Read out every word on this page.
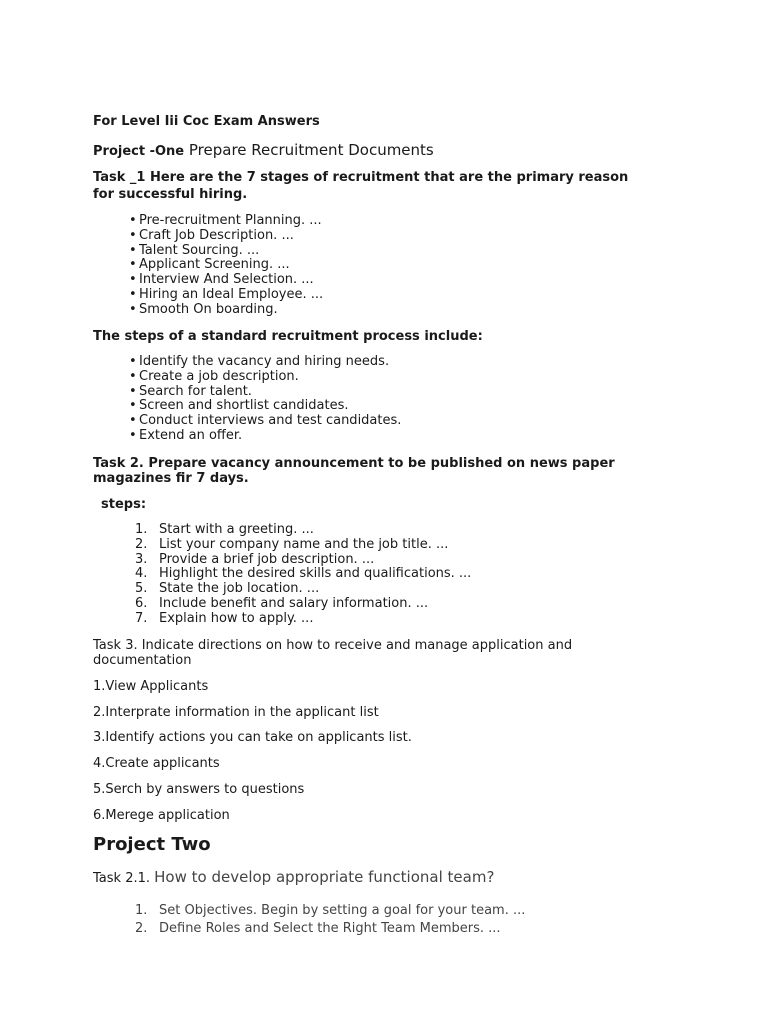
For Level Iii Coc Exam Answers

Project -One Prepare Recruitment Documents

Task _1 Here are the 7 stages of recruitment that are the primary reason

for successful hiring.

• Pre-recruitment Planning. ...
• Craft Job Description. ...
• Talent Sourcing. ...
• Applicant Screening. ...
• Interview And Selection. ...
• Hiring an Ideal Employee. ...
• Smooth On boarding.

The steps of a standard recruitment process include:

• Identify the vacancy and hiring needs.
• Create a job description.
• Search for talent.
• Screen and shortlist candidates.
• Conduct interviews and test candidates.
• Extend an offer.

Task 2. Prepare vacancy announcement to be published on news paper

magazines fir 7 days.

steps:

1. Start with a greeting. ...
2. List your company name and the job title. ...
3. Provide a brief job description. ...
4. Highlight the desired skills and qualifications. ...
5. State the job location. ...
6. Include benefit and salary information. ...
7. Explain how to apply. ...

Task 3. Indicate directions on how to receive and manage application and

documentation

1.View Applicants

2.Interprate information in the applicant list

3.Identify actions you can take on applicants list.

4.Create applicants

5.Serch by answers to questions

6.Merege application

Project Two

Task 2.1. How to develop appropriate functional team?

1. Set Objectives. Begin by setting a goal for your team. ...
2. Define Roles and Select the Right Team Members. ...
